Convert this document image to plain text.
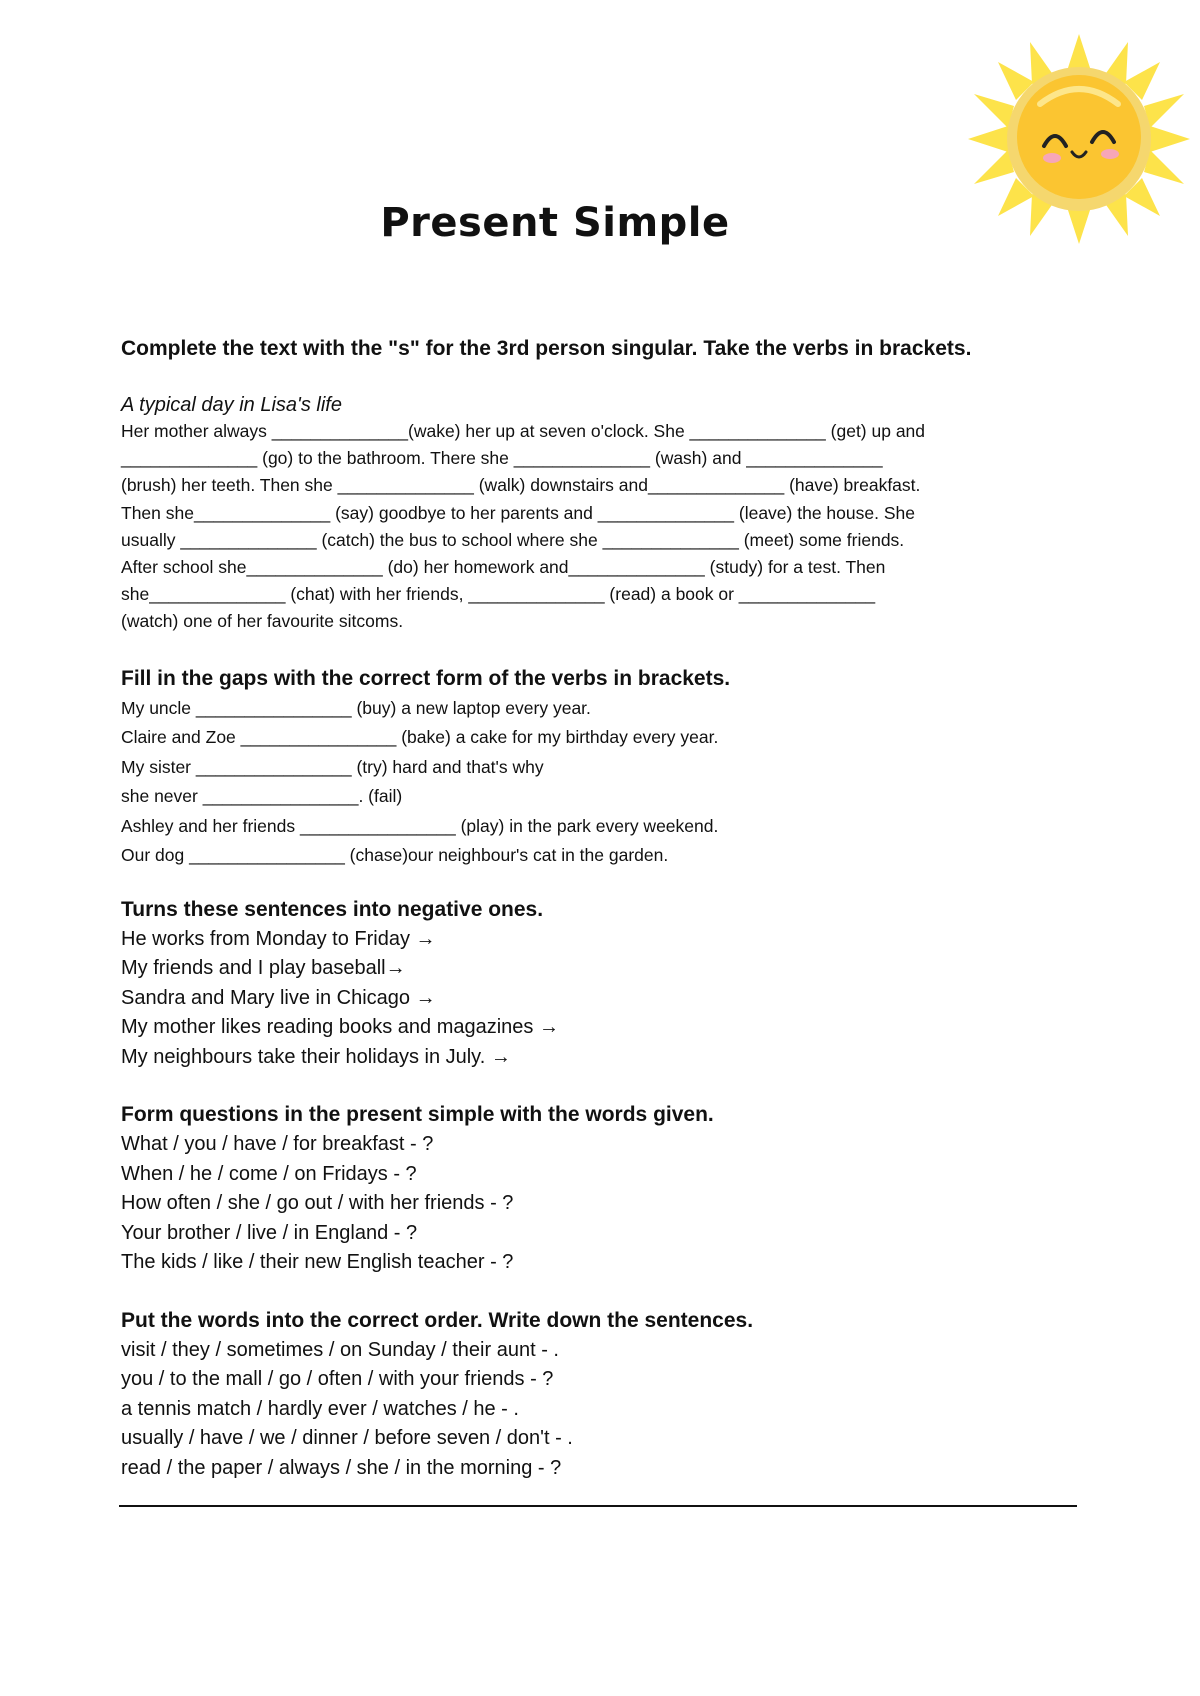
Present Simple

Complete the text with the "s" for the 3rd person singular. Take the verbs in brackets.

A typical day in Lisa's life

Her mother always ______________(wake) her up at seven o'clock. She ______________ (get) up and
______________ (go) to the bathroom. There she ______________ (wash) and ______________
(brush) her teeth. Then she ______________ (walk) downstairs and______________ (have) breakfast.
Then she______________ (say) goodbye to her parents and ______________ (leave) the house. She
usually ______________ (catch) the bus to school where she ______________ (meet) some friends.
After school she______________ (do) her homework and______________ (study) for a test. Then
she______________ (chat) with her friends, ______________ (read) a book or ______________
(watch) one of her favourite sitcoms.

Fill in the gaps with the correct form of the verbs in brackets.

My uncle ________________ (buy) a new laptop every year.
Claire and Zoe ________________ (bake) a cake for my birthday every year.
My sister ________________ (try) hard and that's why
she never ________________. (fail)
Ashley and her friends ________________ (play) in the park every weekend.
Our dog ________________ (chase)our neighbour's cat in the garden.

Turns these sentences into negative ones.

He works from Monday to Friday →
My friends and I play baseball→
Sandra and Mary live in Chicago →
My mother likes reading books and magazines →
My neighbours take their holidays in July. →

Form questions in the present simple with the words given.

What / you / have / for breakfast - ?
When / he / come / on Fridays - ?
How often / she / go out / with her friends - ?
Your brother / live / in England - ?
The kids / like / their new English teacher - ?

Put the words into the correct order. Write down the sentences.

visit / they / sometimes / on Sunday / their aunt - .
you / to the mall / go / often / with your friends - ?
a tennis match / hardly ever / watches / he - .
usually / have / we / dinner / before seven / don't - .
read / the paper / always / she / in the morning - ?
